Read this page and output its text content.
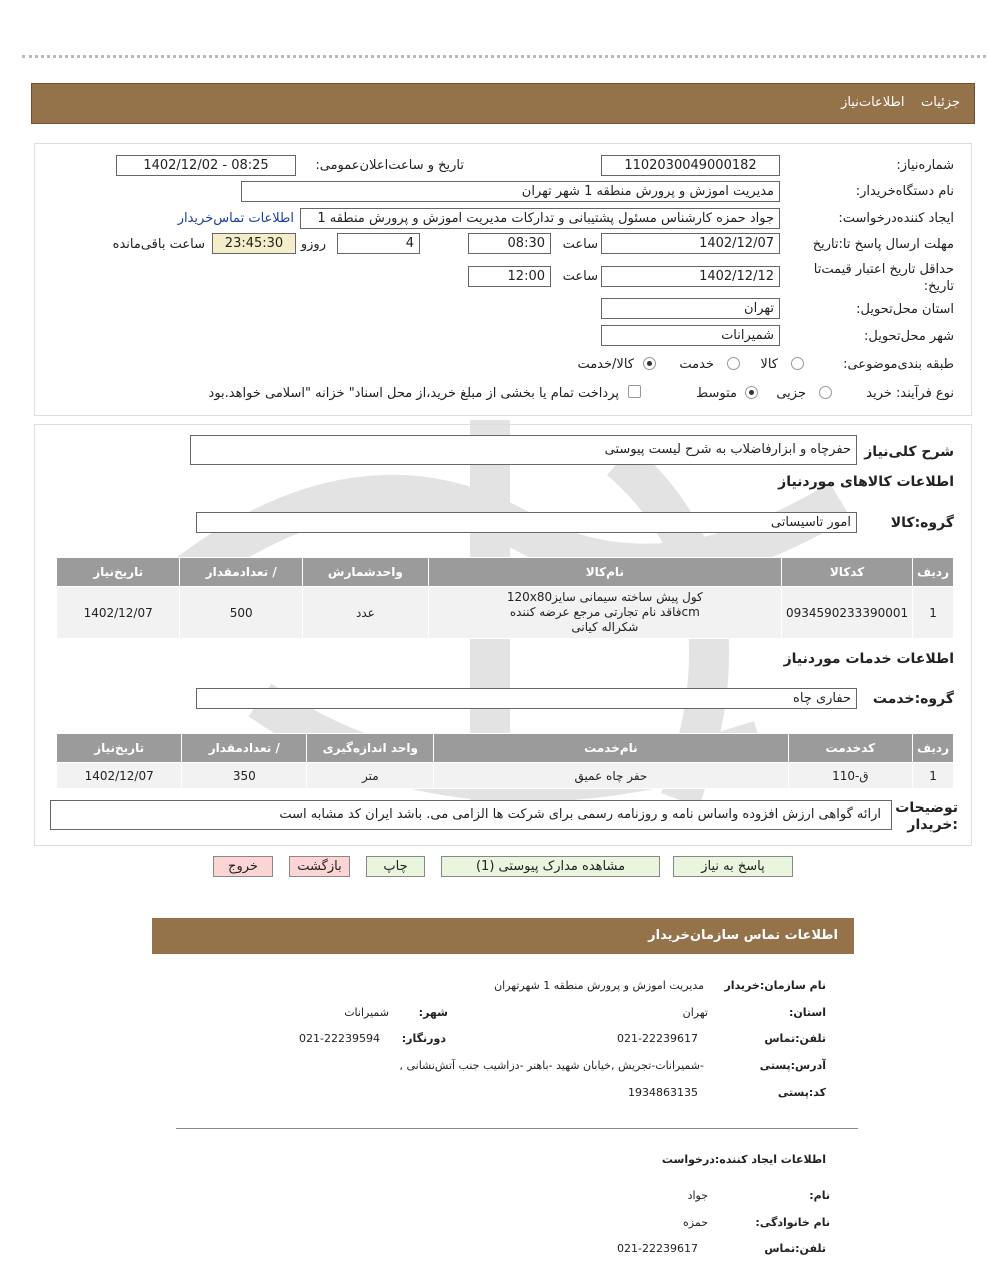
جزئیات    اطلاعات‌نیاز
شماره‌نیاز:
1102030049000182
تاریخ و ساعت‌اعلان‌عمومی:
1402/12/02 - 08:25
نام دستگاه‌خریدار:
مدیریت اموزش و پرورش منطقه 1 شهر تهران
ایجاد کننده‌درخواست:
جواد حمزه کارشناس مسئول پشتیبانی و تدارکات مدیریت اموزش و پرورش منطقه 1
اطلاعات تماس‌خریدار
مهلت ارسال ‌پاسخ تا‌:تاریخ
1402/12/07
ساعت
08:30
4
روزو
23:45:30
ساعت باقی‌مانده
حداقل تاریخ اعتبار قیمت‌تا تاریخ:
1402/12/12
ساعت
12:00
استان محل‌تحویل:
تهران
شهر محل‌تحویل:
شمیرانات
طبقه بندی‌موضوعی:
کالا
خدمت
کالا/خدمت
نوع فرآیند: خرید
جزیی
متوسط
پرداخت تمام یا بخشی از مبلغ خرید،از محل اسناد" خزانه "اسلامی خواهد.بود
شرح کلی‌نیاز
حفرچاه و ابزارفاضلاب به شرح لیست پیوستی
اطلاعات کالاهای مورد‌نیاز
گروه‌:کالا
امور تاسیساتی
ردیف	کدکالا	نام‌کالا	واحدشمارش	/ تعدادمقدار	تاریخ‌نیاز
1	0934590233390001	کول پیش ساخته سیمانی سایز120x80 cmفاقد نام تجارتی مرجع عرضه کننده شکراله کیانی	عدد	500	1402/12/07
اطلاعات خدمات مورد‌نیاز
گروه‌:خدمت
حفاری چاه
ردیف	کدخدمت	نام‌خدمت	واحد اندازه‌گیری	/ تعدادمقدار	تاریخ‌نیاز
1	ق-110	حفر چاه عمیق	متر	350	1402/12/07
توضیحات :خریدار
ارائه گواهی ارزش افزوده واساس نامه و روزنامه رسمی برای شرکت ها الزامی می. باشد ایران کد مشابه است
پاسخ به نیاز
مشاهده مدارک پیوستی (1)
چاپ
بازگشت
خروج
اطلاعات تماس سازمان‌خریدار
نام سازمان:خریدار
مدیریت اموزش و پرورش منطقه 1 شهرتهران
استان:
تهران
شهر:
شمیرانات
تلفن:تماس
021-22239617
دورنگار:
021-22239594
آدرس:پستی
-شمیرانات-تجریش ,خیابان شهید -باهنر -دزاشیب جنب آتش‌نشانی ,
کد:پستی
1934863135
اطلاعات ایجاد کننده:درخواست
نام:
جواد
نام خانوادگی:
حمزه
تلفن:تماس
021-22239617
